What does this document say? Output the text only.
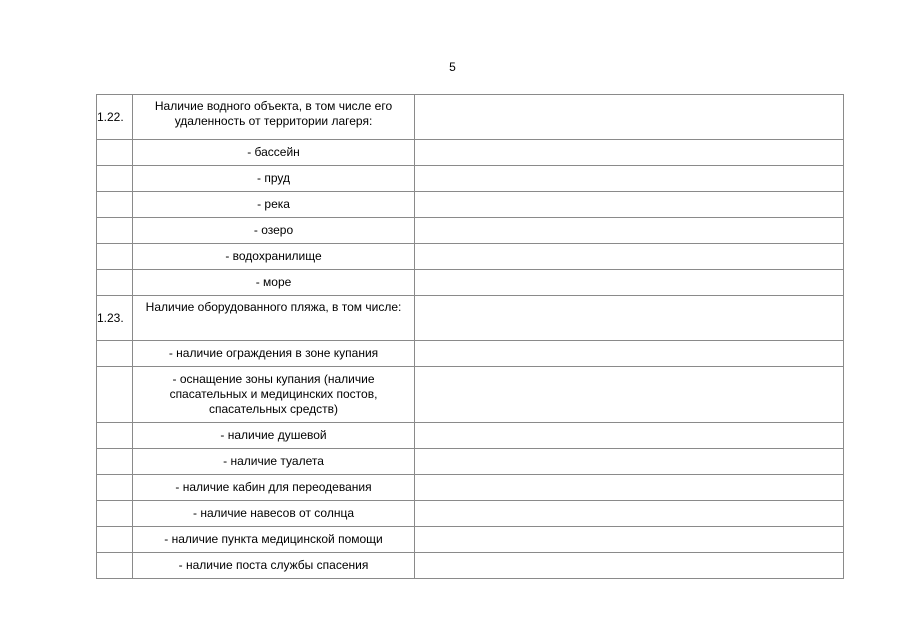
5
1.22.	Наличие водного объекта, в том числе его удаленность от территории лагеря:	
	- бассейн	
	- пруд	
	- река	
	- озеро	
	- водохранилище	
	- море	
1.23.	Наличие оборудованного пляжа, в том числе:	
	- наличие ограждения в зоне купания	
	- оснащение зоны купания (наличие спасательных и медицинских постов, спасательных средств)	
	- наличие душевой	
	- наличие туалета	
	- наличие кабин для переодевания	
	- наличие навесов от солнца	
	- наличие пункта медицинской помощи	
	- наличие поста службы спасения	
